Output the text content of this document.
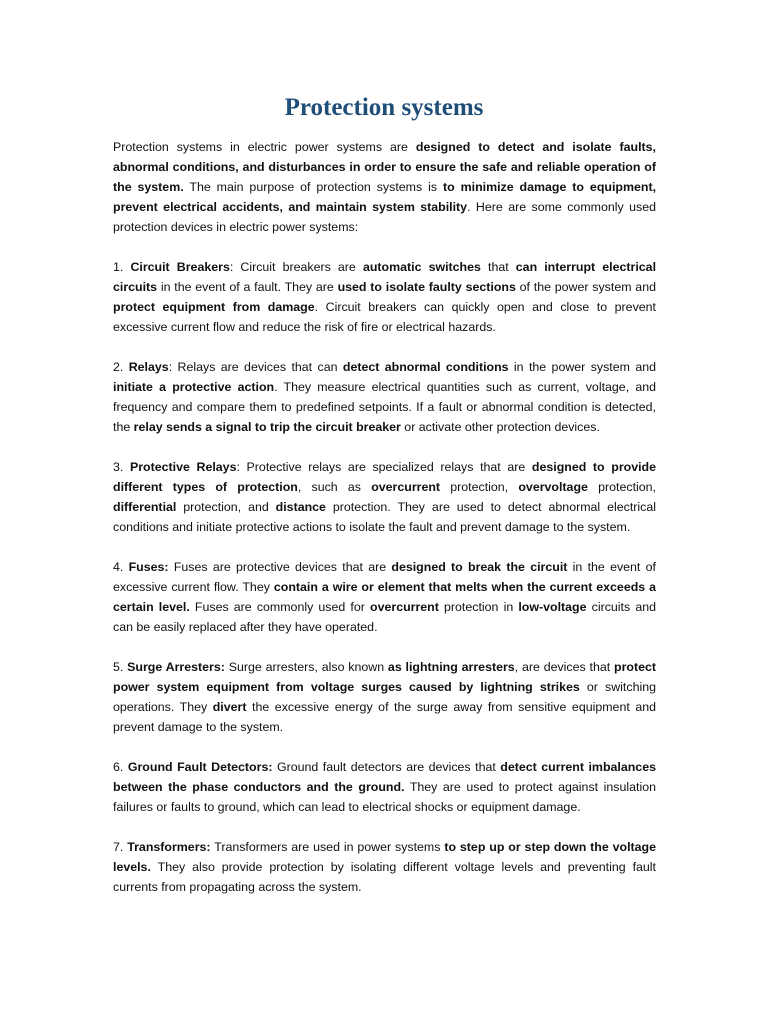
Protection systems

Protection systems in electric power systems are designed to detect and isolate faults, abnormal conditions, and disturbances in order to ensure the safe and reliable operation of the system. The main purpose of protection systems is to minimize damage to equipment, prevent electrical accidents, and maintain system stability. Here are some commonly used protection devices in electric power systems:

1. Circuit Breakers: Circuit breakers are automatic switches that can interrupt electrical circuits in the event of a fault. They are used to isolate faulty sections of the power system and protect equipment from damage. Circuit breakers can quickly open and close to prevent excessive current flow and reduce the risk of fire or electrical hazards.

2. Relays: Relays are devices that can detect abnormal conditions in the power system and initiate a protective action. They measure electrical quantities such as current, voltage, and frequency and compare them to predefined setpoints. If a fault or abnormal condition is detected, the relay sends a signal to trip the circuit breaker or activate other protection devices.

3. Protective Relays: Protective relays are specialized relays that are designed to provide different types of protection, such as overcurrent protection, overvoltage protection, differential protection, and distance protection. They are used to detect abnormal electrical conditions and initiate protective actions to isolate the fault and prevent damage to the system.

4. Fuses: Fuses are protective devices that are designed to break the circuit in the event of excessive current flow. They contain a wire or element that melts when the current exceeds a certain level. Fuses are commonly used for overcurrent protection in low-voltage circuits and can be easily replaced after they have operated.

5. Surge Arresters: Surge arresters, also known as lightning arresters, are devices that protect power system equipment from voltage surges caused by lightning strikes or switching operations. They divert the excessive energy of the surge away from sensitive equipment and prevent damage to the system.

6. Ground Fault Detectors: Ground fault detectors are devices that detect current imbalances between the phase conductors and the ground. They are used to protect against insulation failures or faults to ground, which can lead to electrical shocks or equipment damage.

7. Transformers: Transformers are used in power systems to step up or step down the voltage levels. They also provide protection by isolating different voltage levels and preventing fault currents from propagating across the system.
